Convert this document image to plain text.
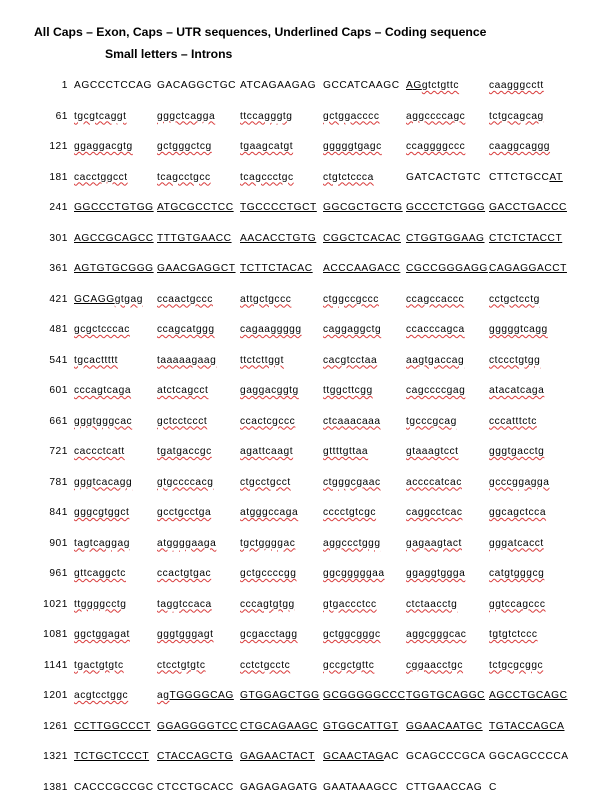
All Caps – Exon, Caps – UTR sequences, Underlined Caps – Coding sequence
Small letters – Introns
1 AGCCCTCCAG GACAGGCTGC ATCAGAAGAG GCCATCAAGC AGgtctgttc	caagggcctt
61 tgcgtcaggt	gggctcagga ttccagggtg	gctggacccc	aggccccagc tctgcagcag
121 ggaggacgtg gctgggctcg	tgaagcatgt	gggggtgagc ccaggggccc caaggcaggg
181 cacctggcct	tcagcctgcc	tcagccctgc	ctgtctccca	GATCACTGTC CTTCTGCCAT
241 GGCCCTGTGG ATGCGCCTCC TGCCCCTGCT GGCGCTGCTG GCCCTCTGGG GACCTGACCC
301 AGCCGCAGCC TTTGTGAACC AACACCTGTG CGGCTCACAC CTGGTGGAAG CTCTCTACCT
361 AGTGTGCGGG GAACGAGGCT TCTTCTACAC ACCCAAGACC CGCCGGGAGG CAGAGGACCT
421 GCAGGgtgag ccaactgccc	attgctgccc	ctggccgccc	ccagccaccc cctgctcctg
481 gcgctcccac	ccagcatggg cagaaggggg caggaggctg ccacccagca gggggtcagg
541 tgcacttttt	taaaaagaag ttctcttggt	cacgtcctaa	aagtgaccag ctccctgtgg
601 cccagtcaga	atctcagcct	gaggacggtg ttggcttcgg	cagccccgag atacatcaga
661 gggtgggcac gctcctccct	ccactcgccc	ctcaaacaaa tgcccgcag	cccatttctc
721 caccctcatt	tgatgaccgc	agattcaagt	gttttgttaa	gtaaagtcct	gggtgacctg
781 gggtcacagg gtgccccacg	ctgcctgcct	ctgggcgaac accccatcac	gcccggagga
841 gggcgtggct	gcctgcctga	atgggccaga cccctgtcgc	caggcctcac	ggcagctcca
901 tagtcaggag	atggggaaga tgctggggac	aggccctggg gagaagtact	gggatcacct
961 gttcaggctc	ccactgtgac	gctgccccgg	ggcgggggaa ggaggtggga catgtgggcg
1021 ttggggcctg	taggtccaca	cccagtgtgg	gtgaccctcc	ctctaacctg	ggtccagccc
1081 ggctggagat	gggtgggagt	gcgacctagg gctggcgggc aggcgggcac tgtgtctccc
1141 tgactgtgtc	ctcctgtgtc	cctctgcctc	gccgctgttc	cggaacctgc	tctgcgcggc
1201 acgtcctggc	agTGGGGCAG GTGGAGCTGG GCGGGGGCCC TGGTGCAGGC AGCCTGCAGC
1261 CCTTGGCCCT GGAGGGGTCC CTGCAGAAGC GTGGCATTGT GGAACAATGC TGTACCAGCA
1321 TCTGCTCCCT CTACCAGCTG GAGAACTACT GCAACTAGAC GCAGCCCGCA GGCAGCCCCA
1381 CACCCGCCGC CTCCTGCACC GAGAGAGATG GAATAAAGCC CTTGAACCAG C
